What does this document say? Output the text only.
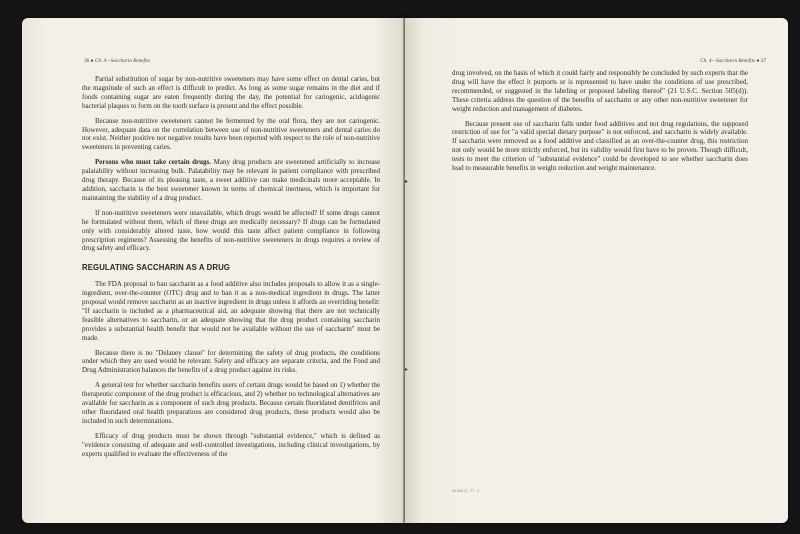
36 ● Ch. 4—Saccharin Benefits

Partial substitution of sugar by non-nutritive sweeteners may have some effect on dental caries, but the magnitude of such an effect is difficult to predict. As long as some sugar remains in the diet and if foods containing sugar are eaten frequently during the day, the potential for cariogenic, acidogenic bacterial plaques to form on the tooth surface is present and the effect possible.

Because non-nutritive sweeteners cannot be fermented by the oral flora, they are not cariogenic. However, adequate data on the correlation between use of non-nutritive sweeteners and dental caries do not exist. Neither positive nor negative results have been reported with respect to the role of non-nutritive sweeteners in preventing caries.

Persons who must take certain drugs. Many drug products are sweetened artificially to increase palatability without increasing bulk. Palatability may be relevant in patient compliance with prescribed drug therapy. Because of its pleasing taste, a sweet additive can make medicinals more acceptable. In addition, saccharin is the best sweetener known in terms of chemical inertness, which is important for maintaining the stability of a drug product.

If non-nutritive sweeteners were unavailable, which drugs would be affected? If some drugs cannot be formulated without them, which of these drugs are medically necessary? If drugs can be formulated only with considerably altered taste, how would this taste affect patient compliance in following prescription regimens? Assessing the benefits of non-nutritive sweeteners in drugs requires a review of drug safety and efficacy.

REGULATING SACCHARIN AS A DRUG

The FDA proposal to ban saccharin as a food additive also includes proposals to allow it as a single-ingredient, over-the-counter (OTC) drug and to ban it as a non-medical ingredient in drugs. The latter proposal would remove saccharin as an inactive ingredient in drugs unless it affords an overriding benefit: "If saccharin is included as a pharmaceutical aid, an adequate showing that there are not technically feasible alternatives to saccharin, or an adequate showing that the drug product containing saccharin provides a substantial health benefit that would not be available without the use of saccharin" must be made.

Because there is no "Delaney clause" for determining the safety of drug products, the conditions under which they are used would be relevant. Safety and efficacy are separate criteria, and the Food and Drug Administration balances the benefits of a drug product against its risks.

A general test for whether saccharin benefits users of certain drugs would be based on 1) whether the therapeutic component of the drug product is efficacious, and 2) whether no technological alternatives are available for saccharin as a component of such drug products. Because certain fluoridated dentifrices and other fluoridated oral health preparations are considered drug products, these products would also be included in such determinations.

Efficacy of drug products must be shown through "substantial evidence," which is defined as "evidence consisting of adequate and well-controlled investigations, including clinical investigations, by experts qualified to evaluate the effectiveness of the

Ch. 4—Saccharin Benefits ● 37

drug involved, on the basis of which it could fairly and responsibly be concluded by such experts that the drug will have the effect it purports or is represented to have under the conditions of use prescribed, recommended, or suggested in the labeling or proposed labeling thereof" (21 U.S.C. Section 505(d)). These criteria address the question of the benefits of saccharin or any other non-nutritive sweetener for weight reduction and management of diabetes.

Because present use of saccharin falls under food additives and not drug regulations, the supposed restriction of use for "a valid special dietary purpose" is not enforced, and saccharin is widely available. If saccharin were removed as a food additive and classified as an over-the-counter drug, this restriction not only would be more strictly enforced, but its validity would first have to be proven. Though difficult, tests to meet the criterion of "substantial evidence" could be developed to see whether saccharin does lead to measurable benefits in weight reduction and weight maintenance.

92-258 O - 77 - 4
▸
▸
